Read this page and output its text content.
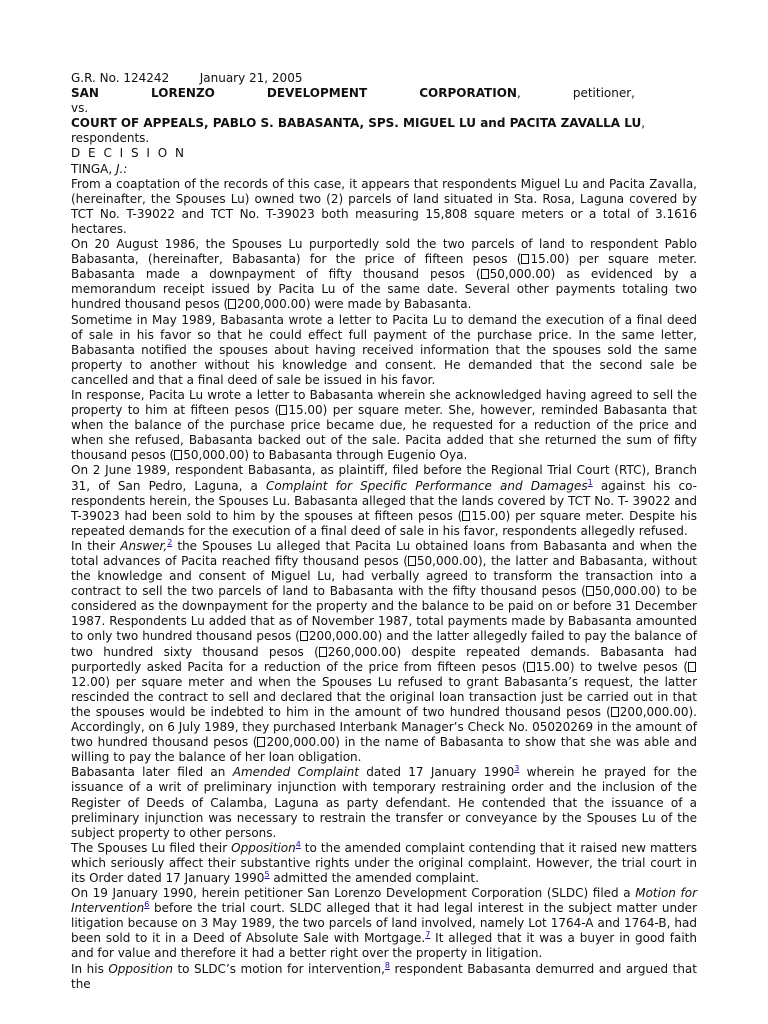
G.R. No. 124242	January 21, 2005
SAN	LORENZO	DEVELOPMENT	CORPORATION,	petitioner,
vs.
COURT OF APPEALS, PABLO S. BABASANTA, SPS. MIGUEL LU and PACITA ZAVALLA LU, respondents.
D E C I S I O N
TINGA, J.:

From a coaptation of the records of this case, it appears that respondents Miguel Lu and Pacita Zavalla, (hereinafter, the Spouses Lu) owned two (2) parcels of land situated in Sta. Rosa, Laguna covered by TCT No. T-39022 and TCT No. T-39023 both measuring 15,808 square meters or a total of 3.1616 hectares.

On 20 August 1986, the Spouses Lu purportedly sold the two parcels of land to respondent Pablo Babasanta, (hereinafter, Babasanta) for the price of fifteen pesos ( 15.00) per square meter. Babasanta made a downpayment of fifty thousand pesos ( 50,000.00) as evidenced by a memorandum receipt issued by Pacita Lu of the same date. Several other payments totaling two hundred thousand pesos ( 200,000.00) were made by Babasanta.

Sometime in May 1989, Babasanta wrote a letter to Pacita Lu to demand the execution of a final deed of sale in his favor so that he could effect full payment of the purchase price. In the same letter, Babasanta notified the spouses about having received information that the spouses sold the same property to another without his knowledge and consent. He demanded that the second sale be cancelled and that a final deed of sale be issued in his favor.

In response, Pacita Lu wrote a letter to Babasanta wherein she acknowledged having agreed to sell the property to him at fifteen pesos ( 15.00) per square meter. She, however, reminded Babasanta that when the balance of the purchase price became due, he requested for a reduction of the price and when she refused, Babasanta backed out of the sale. Pacita added that she returned the sum of fifty thousand pesos ( 50,000.00) to Babasanta through Eugenio Oya.

On 2 June 1989, respondent Babasanta, as plaintiff, filed before the Regional Trial Court (RTC), Branch 31, of San Pedro, Laguna, a Complaint for Specific Performance and Damages$^1$ against his co-respondents herein, the Spouses Lu. Babasanta alleged that the lands covered by TCT No. T- 39022 and T-39023 had been sold to him by the spouses at fifteen pesos ( 15.00) per square meter. Despite his repeated demands for the execution of a final deed of sale in his favor, respondents allegedly refused.

In their Answer,$^2$ the Spouses Lu alleged that Pacita Lu obtained loans from Babasanta and when the total advances of Pacita reached fifty thousand pesos ( 50,000.00), the latter and Babasanta, without the knowledge and consent of Miguel Lu, had verbally agreed to transform the transaction into a contract to sell the two parcels of land to Babasanta with the fifty thousand pesos ( 50,000.00) to be considered as the downpayment for the property and the balance to be paid on or before 31 December 1987. Respondents Lu added that as of November 1987, total payments made by Babasanta amounted to only two hundred thousand pesos ( 200,000.00) and the latter allegedly failed to pay the balance of two hundred sixty thousand pesos ( 260,000.00) despite repeated demands. Babasanta had purportedly asked Pacita for a reduction of the price from fifteen pesos ( 15.00) to twelve pesos (12.00) per square meter and when the Spouses Lu refused to grant Babasanta’s request, the latter rescinded the contract to sell and declared that the original loan transaction just be carried out in that the spouses would be indebted to him in the amount of two hundred thousand pesos ( 200,000.00). Accordingly, on 6 July 1989, they purchased Interbank Manager’s Check No. 05020269 in the amount of two hundred thousand pesos ( 200,000.00) in the name of Babasanta to show that she was able and willing to pay the balance of her loan obligation.

Babasanta later filed an Amended Complaint dated 17 January 1990$^3$ wherein he prayed for the issuance of a writ of preliminary injunction with temporary restraining order and the inclusion of the Register of Deeds of Calamba, Laguna as party defendant. He contended that the issuance of a preliminary injunction was necessary to restrain the transfer or conveyance by the Spouses Lu of the subject property to other persons.

The Spouses Lu filed their Opposition$^4$ to the amended complaint contending that it raised new matters which seriously affect their substantive rights under the original complaint. However, the trial court in its Order dated 17 January 1990$^5$ admitted the amended complaint.

On 19 January 1990, herein petitioner San Lorenzo Development Corporation (SLDC) filed a Motion for Intervention$^6$ before the trial court. SLDC alleged that it had legal interest in the subject matter under litigation because on 3 May 1989, the two parcels of land involved, namely Lot 1764-A and 1764-B, had been sold to it in a Deed of Absolute Sale with Mortgage.$^7$ It alleged that it was a buyer in good faith and for value and therefore it had a better right over the property in litigation.

In his Opposition to SLDC’s motion for intervention,$^8$ respondent Babasanta demurred and argued that the
